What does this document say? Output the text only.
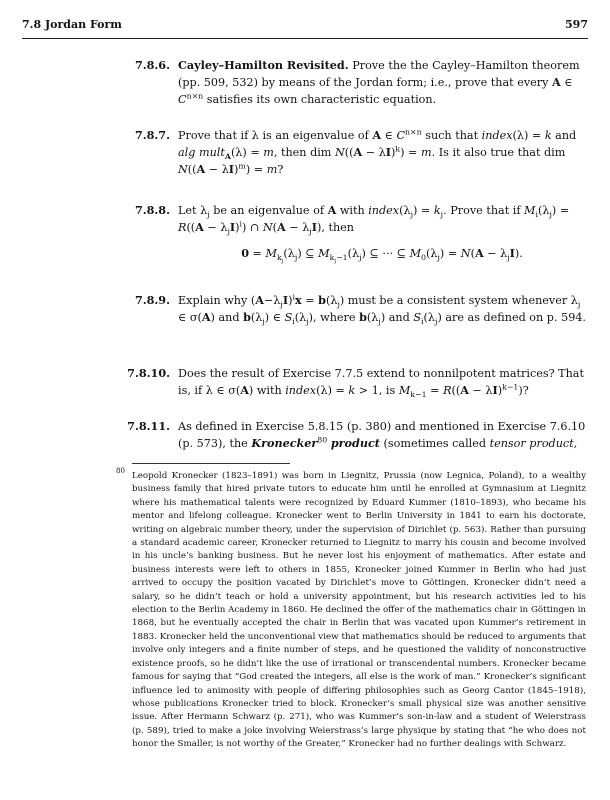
7.8 Jordan Form	597
7.8.6. Cayley–Hamilton Revisited. Prove the the Cayley–Hamilton theorem (pp. 509, 532) by means of the Jordan form; i.e., prove that every A ∈ $C^{n\times n}$ satisfies its own characteristic equation.
7.8.7. Prove that if λ is an eigenvalue of A ∈ $C^{n\times n}$ such that index(λ) = k and alg mult$_A$(λ) = m, then dim $N((A - \lambda I)^k) = m$. Is it also true that dim $N((A - \lambda I)^m) = m$?
7.8.8. Let $\lambda_j$ be an eigenvalue of A with $index(\lambda_j) = k_j$. Prove that if $M_i(\lambda_j) = R((A - \lambda_jI)^i)$ ∩ $N(A - \lambda_jI)$, then
$0 = M_{k_j}(\lambda_j)$ ⊆ $M_{k_j-1}(\lambda_j)$ ⊆ ··· ⊆ $M_0(\lambda_j) = N(A - \lambda_jI)$.
7.8.9. Explain why $(A-\lambda_jI)^ix = b(\lambda_j)$ must be a consistent system whenever $\lambda_j$ ∈ σ(A) and $b(\lambda_j)$ ∈ $S_i(\lambda_j)$, where $b(\lambda_j)$ and $S_i(\lambda_j)$ are as defined on p. 594.
7.8.10. Does the result of Exercise 7.7.5 extend to nonnilpotent matrices? That is, if λ ∈ σ(A) with index(λ) = k > 1, is $M_{k-1} = R((A - \lambda I)^{k-1})$?
7.8.11. As defined in Exercise 5.8.15 (p. 380) and mentioned in Exercise 7.6.10 (p. 573), the Kronecker$^{80}$ product (sometimes called tensor product,
80 Leopold Kronecker (1823–1891) was born in Liegnitz, Prussia (now Legnica, Poland), to a wealthy business family that hired private tutors to educate him until he enrolled at Gymnasium at Liegnitz where his mathematical talents were recognized by Eduard Kummer (1810–1893), who became his mentor and lifelong colleague. Kronecker went to Berlin University in 1841 to earn his doctorate, writing on algebraic number theory, under the supervision of Dirichlet (p. 563). Rather than pursuing a standard academic career, Kronecker returned to Liegnitz to marry his cousin and become involved in his uncle’s banking business. But he never lost his enjoyment of mathematics. After estate and business interests were left to others in 1855, Kronecker joined Kummer in Berlin who had just arrived to occupy the position vacated by Dirichlet’s move to Göttingen. Kronecker didn’t need a salary, so he didn’t teach or hold a university appointment, but his research activities led to his election to the Berlin Academy in 1860. He declined the offer of the mathematics chair in Göttingen in 1868, but he eventually accepted the chair in Berlin that was vacated upon Kummer’s retirement in 1883. Kronecker held the unconventional view that mathematics should be reduced to arguments that involve only integers and a finite number of steps, and he questioned the validity of nonconstructive existence proofs, so he didn’t like the use of irrational or transcendental numbers. Kronecker became famous for saying that “God created the integers, all else is the work of man.” Kronecker’s significant influence led to animosity with people of differing philosophies such as Georg Cantor (1845–1918), whose publications Kronecker tried to block. Kronecker’s small physical size was another sensitive issue. After Hermann Schwarz (p. 271), who was Kummer’s son-in-law and a student of Weierstrass (p. 589), tried to make a joke involving Weierstrass’s large physique by stating that “he who does not honor the Smaller, is not worthy of the Greater,” Kronecker had no further dealings with Schwarz.
